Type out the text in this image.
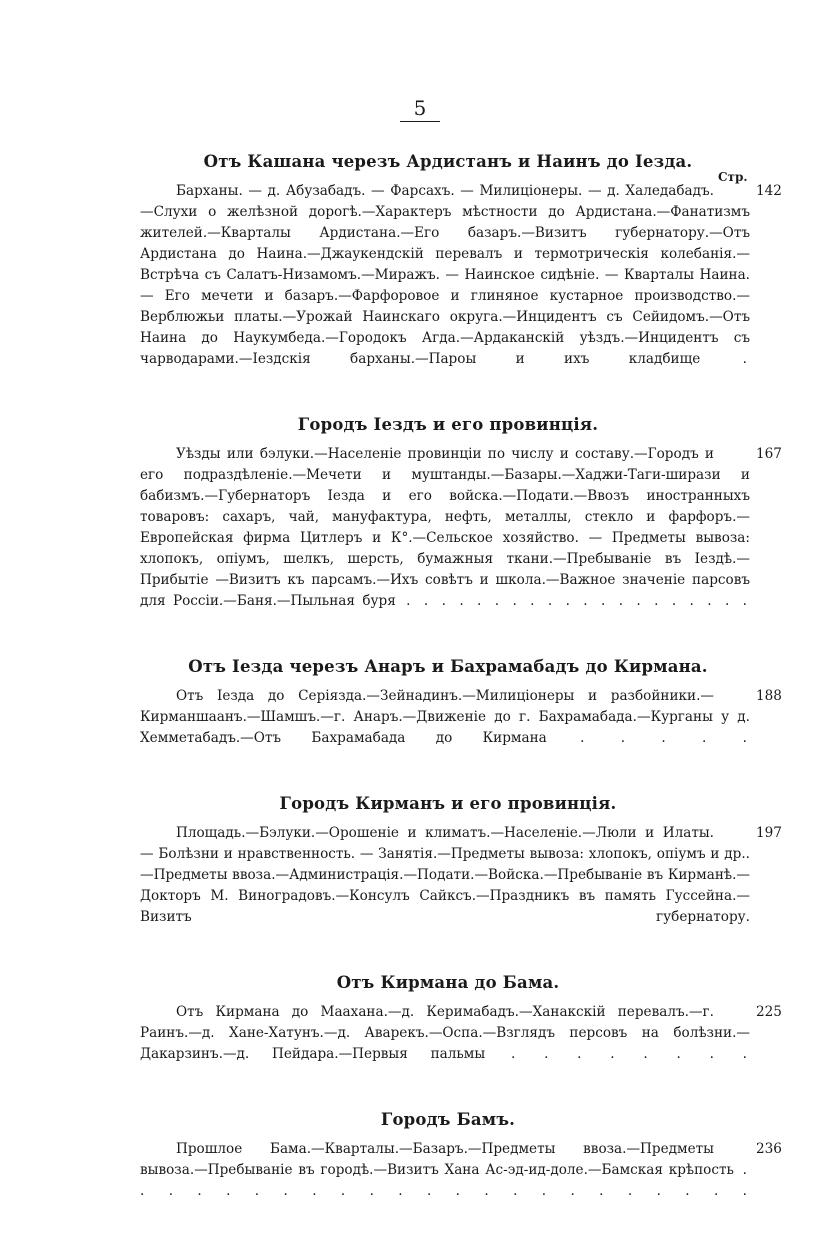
5
Стр.
Отъ Кашана черезъ Ардистанъ и Наинъ до Iезда.
142
Барханы. — д. Абузабадъ. — Фарсахъ. — Милиціонеры. — д. Халедабадъ.—Слухи о желѣзной дорогѣ.—Характеръ мѣстности до Ардистана.—Фанатизмъ жителей.—Кварталы Ардистана.—Его базаръ.—Визитъ губернатору.—Отъ Ардистана до Наина.—Джаукендскій перевалъ и термотрическія колебанія.—Встрѣча съ Салатъ-Низамомъ.—Миражъ. — Наинское сидѣніе. — Кварталы Наина. — Его мечети и базаръ.—Фарфоровое и глиняное кустарное производство.—Верблюжьи платы.—Урожай Наинскаго округа.—Инцидентъ съ Сейидомъ.—Отъ Наина до Наукумбеда.—Городокъ Агда.—Ардаканскій уѣздъ.—Инцидентъ съ чарводарами.—Iездскія барханы.—Пароы и ихъ кладбище .
Городъ Iездъ и его провинція.
167
Уѣзды или бэлуки.—Населеніе провинціи по числу и составу.—Городъ и его подраздѣленіе.—Мечети и муштанды.—Базары.—Хаджи-Таги-ширази и бабизмъ.—Губернаторъ Iезда и его войска.—Подати.—Ввозъ иностранныхъ товаровъ: сахаръ, чай, мануфактура, нефть, металлы, стекло и фарфоръ.—Европейская фирма Цитлеръ и К°.—Сельское хозяйство. — Предметы вывоза: хлопокъ, опіумъ, шелкъ, шерсть, бумажныя ткани.—Пребываніе въ Iездѣ.—Прибытіе —Визитъ къ парсамъ.—Ихъ совѣтъ и школа.—Важное значеніе парсовъ для Россіи.—Баня.—Пыльная буря . . . . . . . . . . . . . . . . . . . .
Отъ Iезда черезъ Анаръ и Бахрамабадъ до Кирмана.
188
Отъ Iезда до Серіязда.—Зейнадинъ.—Милиціонеры и разбойники.—Кирманшаанъ.—Шамшъ.—г. Анаръ.—Движеніе до г. Бахрамабада.—Курганы у д. Хемметабадъ.—Отъ Бахрамабада до Кирмана . . . . .
Городъ Кирманъ и его провинція.
197
Площадь.—Бэлуки.—Орошеніе и климатъ.—Населеніе.—Люли и Илаты. — Болѣзни и нравственность. — Занятія.—Предметы вывоза: хлопокъ, опіумъ и др..—Предметы ввоза.—Администрація.—Подати.—Войска.—Пребываніе въ Кирманѣ.—Докторъ М. Виноградовъ.—Консулъ Сайксъ.—Праздникъ въ память Гуссейна.—Визитъ губернатору.
Отъ Кирмана до Бама.
225
Отъ Кирмана до Маахана.—д. Керимабадъ.—Ханакскій перевалъ.—г. Раинъ.—д. Хане-Хатунъ.—д. Аварекъ.—Оспа.—Взглядъ персовъ на болѣзни.—Дакарзинъ.—д. Пейдара.—Первыя пальмы . . . . . . . .
Городъ Бамъ.
236
Прошлое Бама.—Кварталы.—Базаръ.—Предметы ввоза.—Предметы вывоза.—Пребываніе въ городѣ.—Визитъ Хана Ас-эд-ид-доле.—Бамская крѣпость . . . . . . . . . . . . . . . . . . . . . . .
